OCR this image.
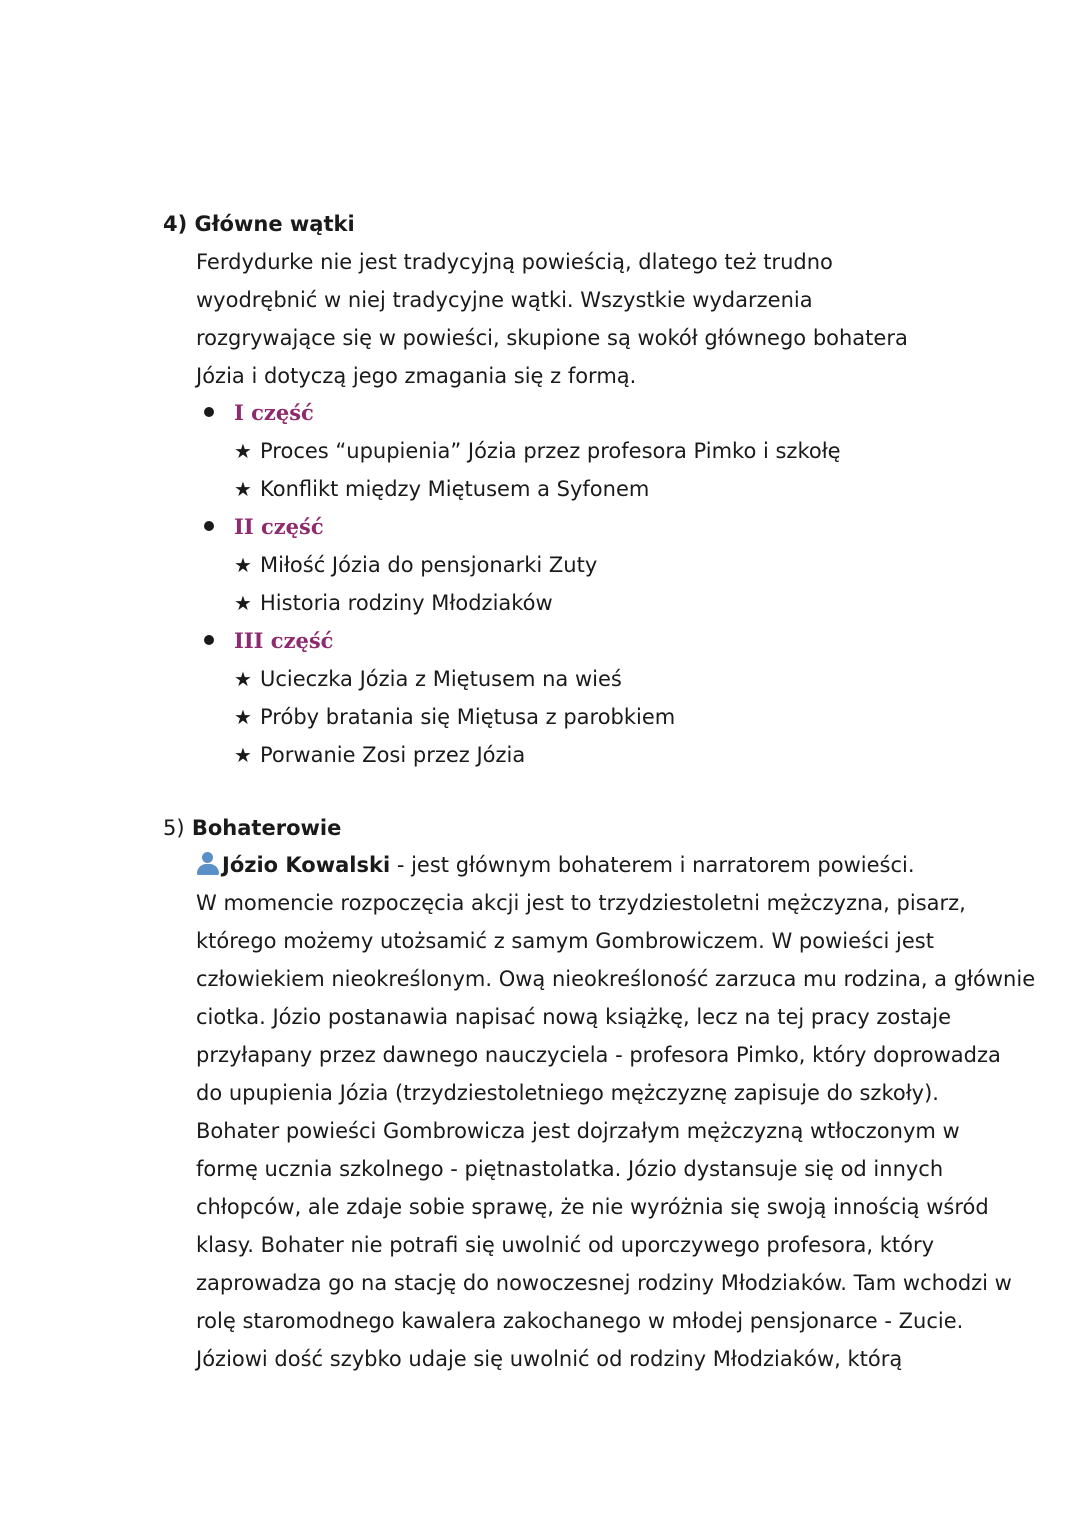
4) Główne wątki
Ferdydurke nie jest tradycyjną powieścią, dlatego też trudno
wyodrębnić w niej tradycyjne wątki. Wszystkie wydarzenia
rozgrywające się w powieści, skupione są wokół głównego bohatera
Józia i dotyczą jego zmagania się z formą.
I część
★ Proces “upupienia” Józia przez profesora Pimko i szkołę
★ Konflikt między Miętusem a Syfonem
II część
★ Miłość Józia do pensjonarki Zuty
★ Historia rodziny Młodziaków
III część
★ Ucieczka Józia z Miętusem na wieś
★ Próby bratania się Miętusa z parobkiem
★ Porwanie Zosi przez Józia
5) Bohaterowie
Józio Kowalski - jest głównym bohaterem i narratorem powieści.
W momencie rozpoczęcia akcji jest to trzydziestoletni mężczyzna, pisarz,
którego możemy utożsamić z samym Gombrowiczem. W powieści jest
człowiekiem nieokreślonym. Ową nieokreśloność zarzuca mu rodzina, a głównie
ciotka. Józio postanawia napisać nową książkę, lecz na tej pracy zostaje
przyłapany przez dawnego nauczyciela - profesora Pimko, który doprowadza
do upupienia Józia (trzydziestoletniego mężczyznę zapisuje do szkoły).
Bohater powieści Gombrowicza jest dojrzałym mężczyzną wtłoczonym w
formę ucznia szkolnego - piętnastolatka. Józio dystansuje się od innych
chłopców, ale zdaje sobie sprawę, że nie wyróżnia się swoją innością wśród
klasy. Bohater nie potrafi się uwolnić od uporczywego profesora, który
zaprowadza go na stację do nowoczesnej rodziny Młodziaków. Tam wchodzi w
rolę staromodnego kawalera zakochanego w młodej pensjonarce - Zucie.
Józiowi dość szybko udaje się uwolnić od rodziny Młodziaków, którą
